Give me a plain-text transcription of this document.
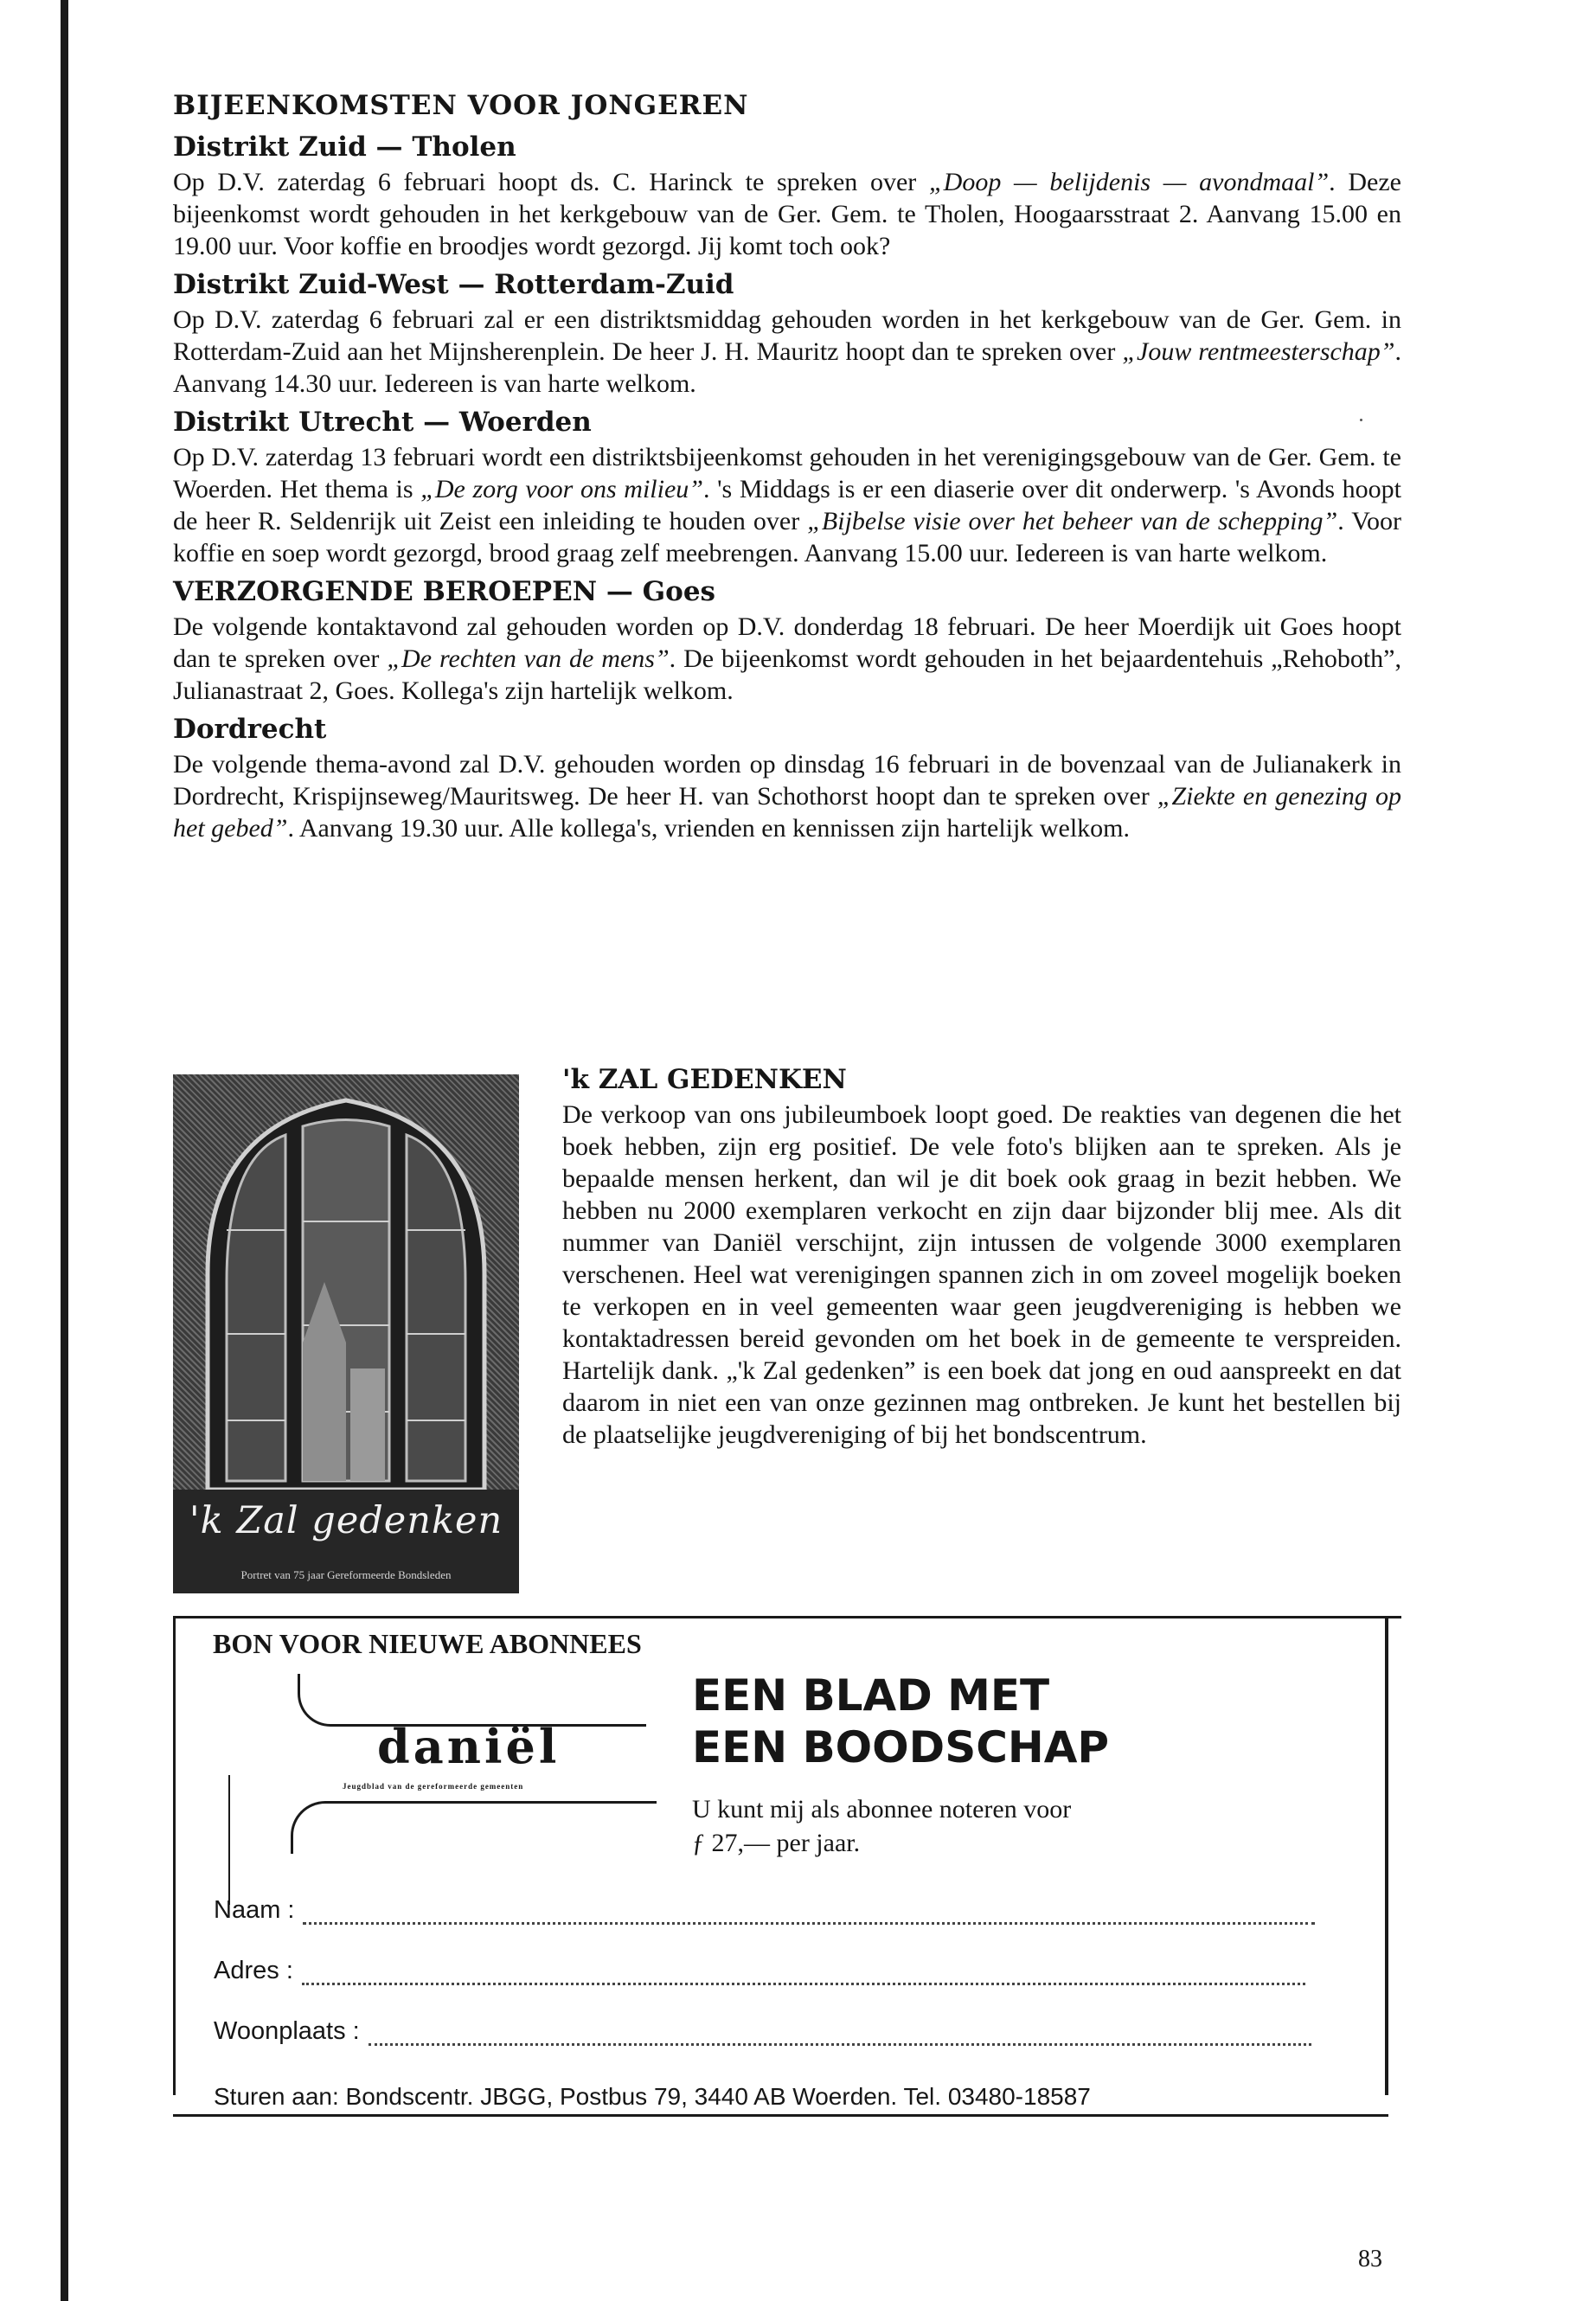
BIJEENKOMSTEN VOOR JONGEREN
Distrikt Zuid — Tholen

Op D.V. zaterdag 6 februari hoopt ds. C. Harinck te spreken over „Doop — belijdenis — avondmaal”. Deze bijeenkomst wordt gehouden in het kerkgebouw van de Ger. Gem. te Tholen, Hoogaarsstraat 2. Aanvang 15.00 en 19.00 uur. Voor koffie en broodjes wordt gezorgd. Jij komt toch ook?

Distrikt Zuid-West — Rotterdam-Zuid

Op D.V. zaterdag 6 februari zal er een distriktsmiddag gehouden worden in het kerkgebouw van de Ger. Gem. in Rotterdam-Zuid aan het Mijnsherenplein. De heer J. H. Mauritz hoopt dan te spreken over „Jouw rentmeesterschap”. Aanvang 14.30 uur. Iedereen is van harte welkom.

Distrikt Utrecht — Woerden

Op D.V. zaterdag 13 februari wordt een distriktsbijeenkomst gehouden in het verenigingsgebouw van de Ger. Gem. te Woerden. Het thema is „De zorg voor ons milieu”. 's Middags is er een diaserie over dit onderwerp. 's Avonds hoopt de heer R. Seldenrijk uit Zeist een inleiding te houden over „Bijbelse visie over het beheer van de schepping”. Voor koffie en soep wordt gezorgd, brood graag zelf meebrengen. Aanvang 15.00 uur. Iedereen is van harte welkom.

VERZORGENDE BEROEPEN — Goes

De volgende kontaktavond zal gehouden worden op D.V. donderdag 18 februari. De heer Moerdijk uit Goes hoopt dan te spreken over „De rechten van de mens”. De bijeenkomst wordt gehouden in het bejaardentehuis „Rehoboth”, Julianastraat 2, Goes. Kollega's zijn hartelijk welkom.

Dordrecht

De volgende thema-avond zal D.V. gehouden worden op dinsdag 16 februari in de bovenzaal van de Julianakerk in Dordrecht, Krispijnseweg/Mauritsweg. De heer H. van Schothorst hoopt dan te spreken over „Ziekte en genezing op het gebed”. Aanvang 19.30 uur. Alle kollega's, vrienden en kennissen zijn hartelijk welkom.

'k Zal gedenken
Portret van 75 jaar Gereformeerde Bondsleden
'k ZAL GEDENKEN

De verkoop van ons jubileumboek loopt goed. De reakties van degenen die het boek hebben, zijn erg positief. De vele foto's blijken aan te spreken. Als je bepaalde mensen herkent, dan wil je dit boek ook graag in bezit hebben. We hebben nu 2000 exemplaren verkocht en zijn daar bijzonder blij mee. Als dit nummer van Daniël verschijnt, zijn intussen de volgende 3000 exemplaren verschenen. Heel wat verenigingen spannen zich in om zoveel mogelijk boeken te verkopen en in veel gemeenten waar geen jeugdvereniging is hebben we kontaktadressen bereid gevonden om het boek in de gemeente te verspreiden. Hartelijk dank. „'k Zal gedenken” is een boek dat jong en oud aanspreekt en dat daarom in niet een van onze gezinnen mag ontbreken. Je kunt het bestellen bij de plaatselijke jeugdvereniging of bij het bondscentrum.

BON VOOR NIEUWE ABONNEES
daniël
Jeugdblad van de gereformeerde gemeenten
EEN BLAD MET
EEN BOODSCHAP
U kunt mij als abonnee noteren voor
ƒ 27,— per jaar.
Naam :
Adres :
Woonplaats :
Sturen aan: Bondscentr. JBGG, Postbus 79, 3440 AB Woerden. Tel. 03480-18587
83
